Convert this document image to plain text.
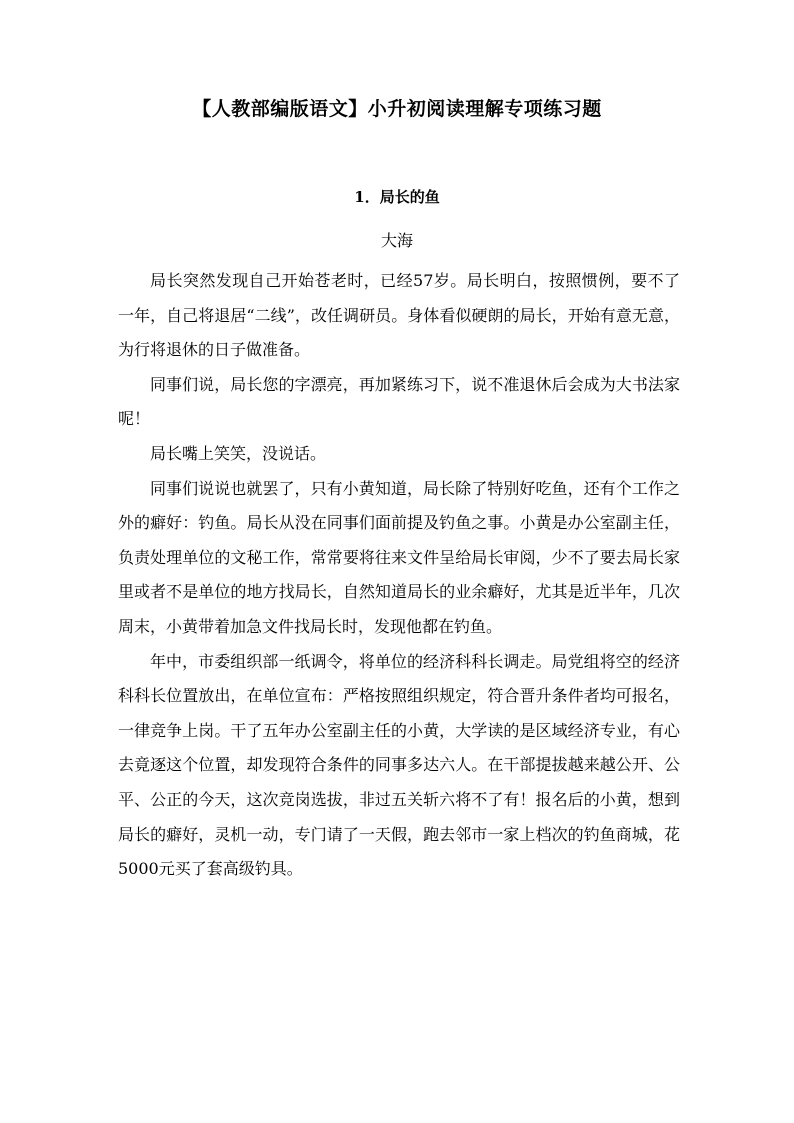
【人教部编版语文】小升初阅读理解专项练习题
1．局长的鱼
大海

局长突然发现自己开始苍老时，已经57岁。局长明白，按照惯例，要不了一年，自己将退居“二线”，改任调研员。身体看似硬朗的局长，开始有意无意，为行将退休的日子做准备。

同事们说，局长您的字漂亮，再加紧练习下，说不准退休后会成为大书法家呢！

局长嘴上笑笑，没说话。

同事们说说也就罢了，只有小黄知道，局长除了特别好吃鱼，还有个工作之外的癖好：钓鱼。局长从没在同事们面前提及钓鱼之事。小黄是办公室副主任，负责处理单位的文秘工作，常常要将往来文件呈给局长审阅，少不了要去局长家里或者不是单位的地方找局长，自然知道局长的业余癖好，尤其是近半年，几次周末，小黄带着加急文件找局长时，发现他都在钓鱼。

年中，市委组织部一纸调令，将单位的经济科科长调走。局党组将空的经济科科长位置放出，在单位宣布：严格按照组织规定，符合晋升条件者均可报名，一律竞争上岗。干了五年办公室副主任的小黄，大学读的是区域经济专业，有心去竟逐这个位置，却发现符合条件的同事多达六人。在干部提拔越来越公开、公平、公正的今天，这次竞岗选拔，非过五关斩六将不了有！报名后的小黄，想到局长的癖好，灵机一动，专门请了一天假，跑去邻市一家上档次的钓鱼商城，花5000元买了套高级钓具。
